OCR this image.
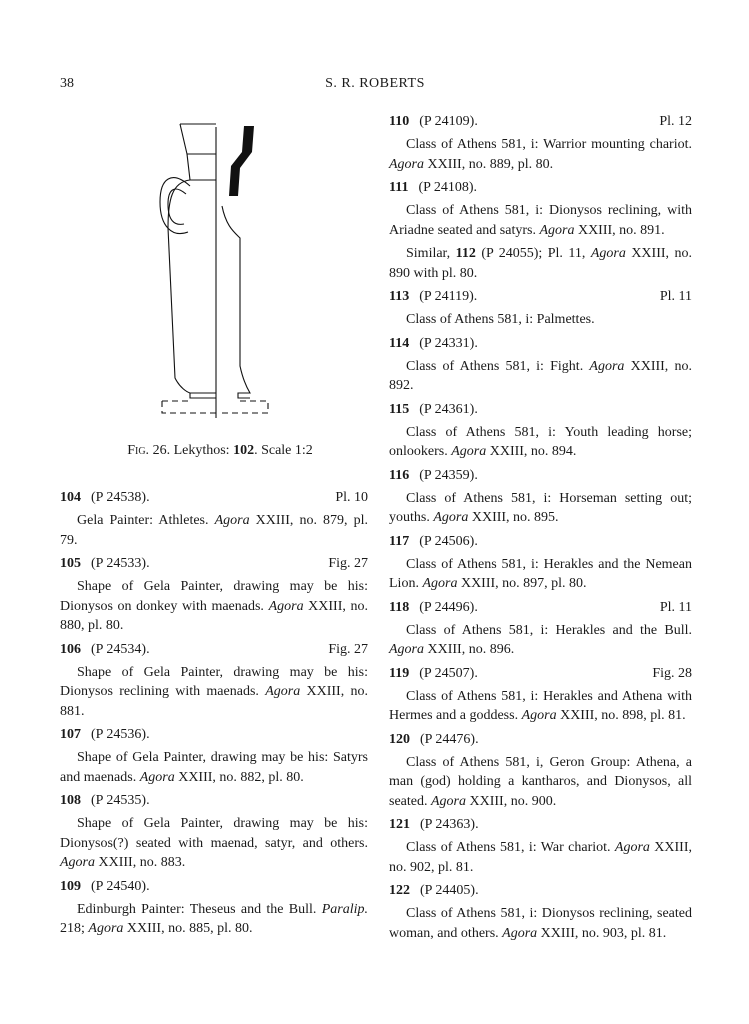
38	S. R. ROBERTS
Fig. 26. Lekythos: 102. Scale 1:2
104 (P 24538).	Pl. 10
Gela Painter: Athletes. Agora XXIII, no. 879, pl. 79.
105 (P 24533).	Fig. 27
Shape of Gela Painter, drawing may be his: Dionysos on donkey with maenads. Agora XXIII, no. 880, pl. 80.
106 (P 24534).	Fig. 27
Shape of Gela Painter, drawing may be his: Dionysos reclining with maenads. Agora XXIII, no. 881.
107 (P 24536).
Shape of Gela Painter, drawing may be his: Satyrs and maenads. Agora XXIII, no. 882, pl. 80.
108 (P 24535).
Shape of Gela Painter, drawing may be his: Dionysos(?) seated with maenad, satyr, and others. Agora XXIII, no. 883.
109 (P 24540).
Edinburgh Painter: Theseus and the Bull. Paralip. 218; Agora XXIII, no. 885, pl. 80.
110 (P 24109).	Pl. 12
Class of Athens 581, i: Warrior mounting chariot. Agora XXIII, no. 889, pl. 80.
111 (P 24108).
Class of Athens 581, i: Dionysos reclining, with Ariadne seated and satyrs. Agora XXIII, no. 891.
Similar, 112 (P 24055); Pl. 11, Agora XXIII, no. 890 with pl. 80.
113 (P 24119).	Pl. 11
Class of Athens 581, i: Palmettes.
114 (P 24331).
Class of Athens 581, i: Fight. Agora XXIII, no. 892.
115 (P 24361).
Class of Athens 581, i: Youth leading horse; onlookers. Agora XXIII, no. 894.
116 (P 24359).
Class of Athens 581, i: Horseman setting out; youths. Agora XXIII, no. 895.
117 (P 24506).
Class of Athens 581, i: Herakles and the Nemean Lion. Agora XXIII, no. 897, pl. 80.
118 (P 24496).	Pl. 11
Class of Athens 581, i: Herakles and the Bull. Agora XXIII, no. 896.
119 (P 24507).	Fig. 28
Class of Athens 581, i: Herakles and Athena with Hermes and a goddess. Agora XXIII, no. 898, pl. 81.
120 (P 24476).
Class of Athens 581, i, Geron Group: Athena, a man (god) holding a kantharos, and Dionysos, all seated. Agora XXIII, no. 900.
121 (P 24363).
Class of Athens 581, i: War chariot. Agora XXIII, no. 902, pl. 81.
122 (P 24405).
Class of Athens 581, i: Dionysos reclining, seated woman, and others. Agora XXIII, no. 903, pl. 81.
